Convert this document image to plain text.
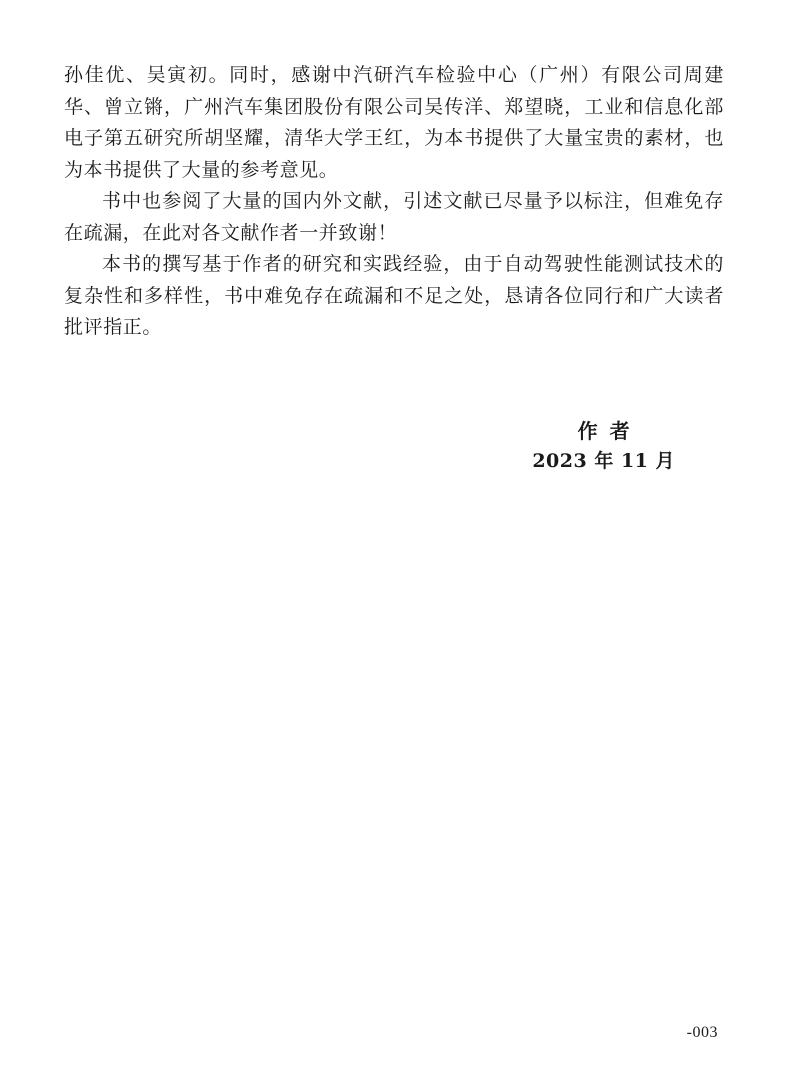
孙佳优、吴寅初。同时，感谢中汽研汽车检验中心（广州）有限公司周建华、曾立锵，广州汽车集团股份有限公司吴传洋、郑望晓，工业和信息化部电子第五研究所胡坚耀，清华大学王红，为本书提供了大量宝贵的素材，也为本书提供了大量的参考意见。

书中也参阅了大量的国内外文献，引述文献已尽量予以标注，但难免存在疏漏，在此对各文献作者一并致谢！

本书的撰写基于作者的研究和实践经验，由于自动驾驶性能测试技术的复杂性和多样性，书中难免存在疏漏和不足之处，恳请各位同行和广大读者批评指正。

作者
2023 年 11 月
-003
